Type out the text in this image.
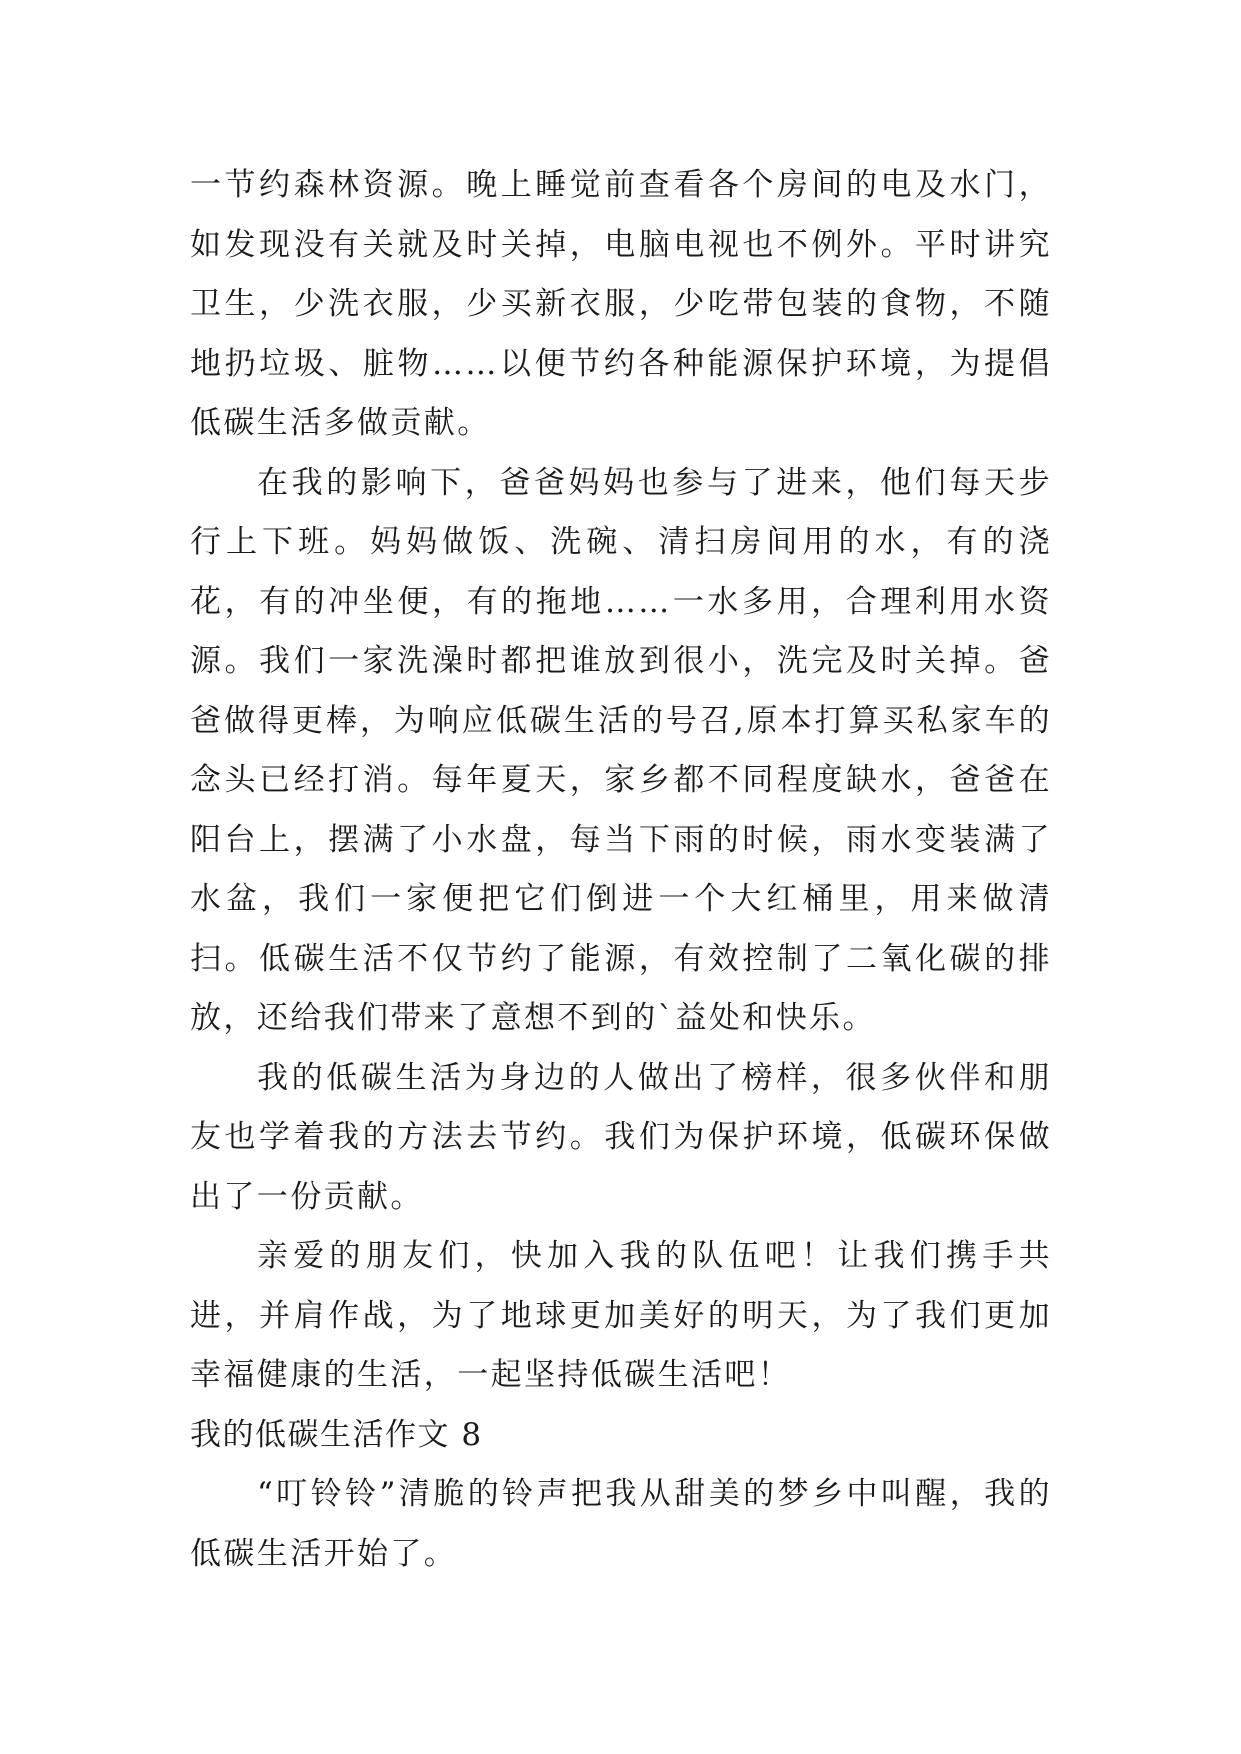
一节约森林资源。晚上睡觉前查看各个房间的电及水门，如发现没有关就及时关掉，电脑电视也不例外。平时讲究卫生，少洗衣服，少买新衣服，少吃带包装的食物，不随地扔垃圾、脏物……以便节约各种能源保护环境，为提倡低碳生活多做贡献。

在我的影响下，爸爸妈妈也参与了进来，他们每天步行上下班。妈妈做饭、洗碗、清扫房间用的水，有的浇花，有的冲坐便，有的拖地……一水多用，合理利用水资源。我们一家洗澡时都把谁放到很小，洗完及时关掉。爸爸做得更棒，为响应低碳生活的号召,原本打算买私家车的念头已经打消。每年夏天，家乡都不同程度缺水，爸爸在阳台上，摆满了小水盘，每当下雨的时候，雨水变装满了水盆，我们一家便把它们倒进一个大红桶里，用来做清扫。低碳生活不仅节约了能源，有效控制了二氧化碳的排放，还给我们带来了意想不到的`益处和快乐。

我的低碳生活为身边的人做出了榜样，很多伙伴和朋友也学着我的方法去节约。我们为保护环境，低碳环保做出了一份贡献。

亲爱的朋友们，快加入我的队伍吧！让我们携手共进，并肩作战，为了地球更加美好的明天，为了我们更加幸福健康的生活，一起坚持低碳生活吧！

我的低碳生活作文 8

“叮铃铃”清脆的铃声把我从甜美的梦乡中叫醒，我的低碳生活开始了。
